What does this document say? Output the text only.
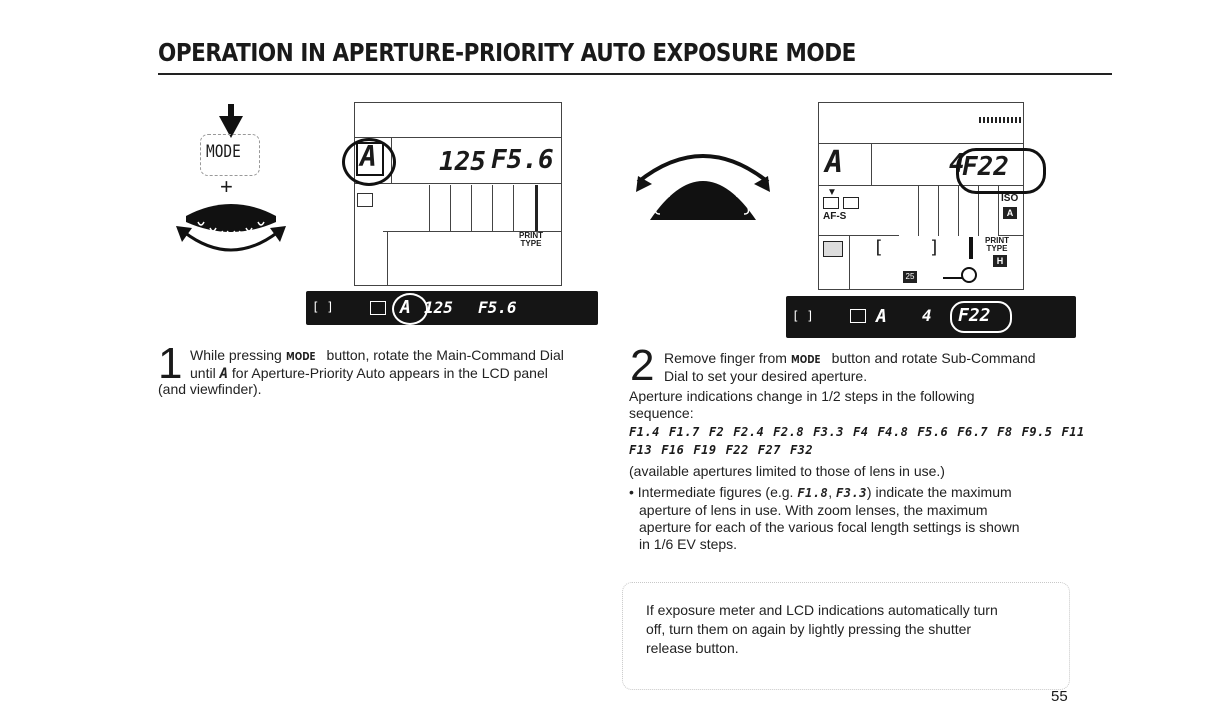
OPERATION IN APERTURE-PRIORITY AUTO EXPOSURE MODE
MODE
+
PRINT
TYPE
125 F5.6
A
[ ]	A 125 F5.6
A	4
▼
AF-S
ISO
A
[	]	PRINT
TYPE
H
25
F22
[ ]	A 4 F22
1 While pressing MODE button, rotate the Main-Command Dial
until A for Aperture-Priority Auto appears in the LCD panel
(and viewfinder).	2 Remove finger from MODE button and rotate Sub-Command
Dial to set your desired aperture.
Aperture indications change in 1/2 steps in the following
sequence:
F1.4 F1.7 F2 F2.4 F2.8 F3.3 F4 F4.8 F5.6 F6.7 F8 F9.5 F11
F13 F16 F19 F22 F27 F32
(available apertures limited to those of lens in use.)
• Intermediate figures (e.g. F1.8, F3.3) indicate the maximum
aperture of lens in use. With zoom lenses, the maximum
aperture for each of the various focal length settings is shown
in 1/6 EV steps.
If exposure meter and LCD indications automatically turn
off, turn them on again by lightly pressing the shutter
release button.
55
